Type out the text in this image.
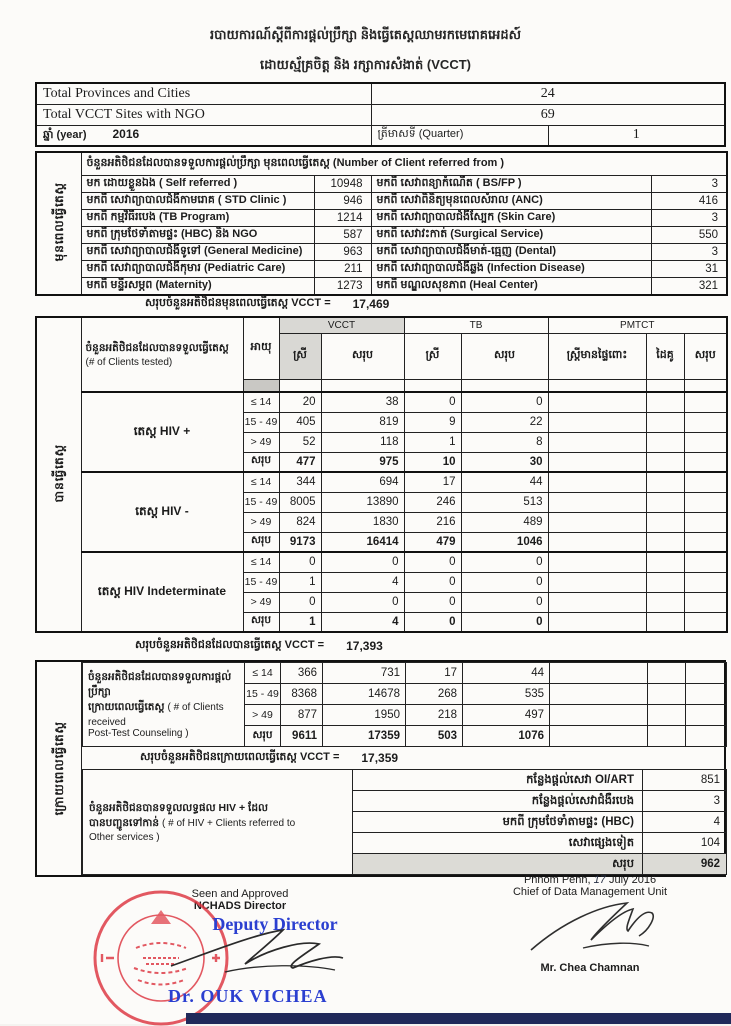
របាយការណ៍ស្តីពីការផ្តល់ប្រឹក្សា និងធ្វើតេស្តឈាមរកមេរោគអេដស៍
ដោយស្ម័គ្រចិត្ត និង រក្សាការសំងាត់ (VCCT)
Total Provinces and Cities	24	
Total VCCT Sites with NGO	69	
ឆ្នាំ (year) 2016	ត្រីមាសទី (Quarter)	1
មុនពេលធ្វើតេស្ត	ចំនួនអតិថិជនដែលបានទទួលការផ្តល់ប្រឹក្សា មុនពេលធ្វើតេស្ត (Number of Client referred from )			
	មក ដោយខ្លួនឯង ( Self referred )	10948	មកពី សេវាពន្យាកំណើត ( BS/FP )	3
	មកពី សេវាព្យាបាលជំងឺកាមរោគ ( STD Clinic )	946	មកពី សេវាពិនិត្យមុនពេលសំរាល (ANC)	416
	មកពី កម្មវិធីរបេង (TB Program)	1214	មកពី សេវាព្យាបាលជំងឺស្បែក (Skin Care)	3
	មកពី ក្រុមថែទាំតាមផ្ទះ (HBC) និង NGO	587	មកពី សេវាវះកាត់ (Surgical Service)	550
	មកពី សេវាព្យាបាលជំងឺទូទៅ (General Medicine)	963	មកពី សេវាព្យាបាលជំងឺមាត់-ធ្មេញ (Dental)	3
	មកពី សេវាព្យាបាលជំងឺកុមារ (Pediatric Care)	211	មកពី សេវាព្យាបាលជំងឺឆ្លង (Infection Disease)	31
	មកពី មន្ទីរសម្ភព (Maternity)	1273	មកពី មណ្ឌលសុខភាព (Heal Center)	321
សរុបចំនួនអតិថិជនមុនពេលធ្វើតេស្ត VCCT = 17,469
បានធ្វើតេស្ត	ចំនួនអតិថិជនដែលបានទទួលធ្វើតេស្ត
(# of Clients tested)	អាយុ	VCCT		TB		PMTCT		
			ស្រី	សរុប	ស្រី	សរុប	ស្ត្រីមានផ្ទៃពោះ	ដៃគូ	សរុប

	តេស្ត HIV +	≤ 14	20	38	0	0			
		15 - 49	405	819	9	22			
		> 49	52	118	1	8			
		សរុប	477	975	10	30			
	តេស្ត HIV -	≤ 14	344	694	17	44			
		15 - 49	8005	13890	246	513			
		> 49	824	1830	216	489			
		សរុប	9173	16414	479	1046			
	តេស្ត HIV Indeterminate	≤ 14	0	0	0	0			
		15 - 49	1	4	0	0			
		> 49	0	0	0	0			
		សរុប	1	4	0	0			
សរុបចំនួនអតិថិជនដែលបានធ្វើតេស្ត VCCT = 17,393
ក្រោយពេលធ្វើតេស្ត
ចំនួនអតិថិជនដែលបានទទួលការផ្តល់ប្រឹក្សា
ក្រោយពេលធ្វើតេស្ត ( # of Clients received
Post-Test Counseling )	≤ 14	366	731	17	44			
	15 - 49	8368	14678	268	535			
	> 49	877	1950	218	497			
	សរុប	9611	17359	503	1076			
សរុបចំនួនអតិថិជនក្រោយពេលធ្វើតេស្ត VCCT = 17,359
ចំនួនអតិថិជនបានទទួលលទ្ធផល HIV + ដែល
បានបញ្ជូនទៅកាន់ ( # of HIV + Clients referred to
Other services )	កន្លែងផ្តល់សេវា OI/ART	851
	កន្លែងផ្តល់សេវាជំងឺរបេង	3
	មកពី ក្រុមថែទាំតាមផ្ទះ (HBC)	4
	សេវាផ្សេងទៀត	104
	សរុប	962
Seen and Approved
NCHADS Director
Deputy Director
Dr. OUK VICHEA
Phnom Penh, 17 July 2016
Chief of Data Management Unit
Mr. Chea Chamnan
